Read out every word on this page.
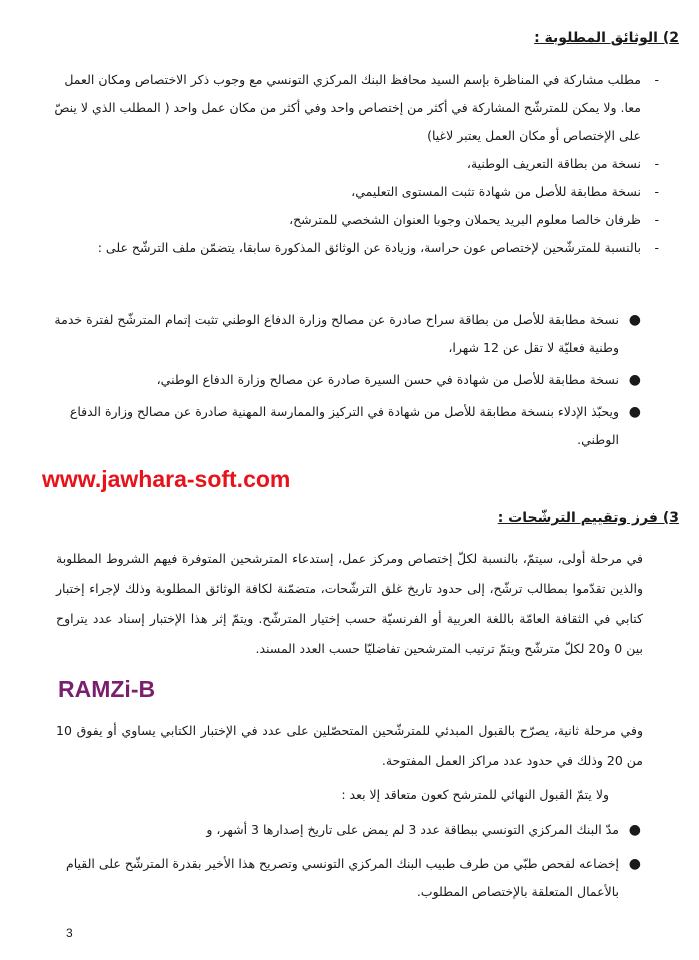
2) الوثائق المطلوبة :
-
مطلب مشاركة في المناظرة بإسم السيد محافظ البنك المركزي التونسي مع وجوب ذكر الاختصاص ومكان العمل معا. ولا يمكن للمترشّح المشاركة في أكثر من إختصاص واحد وفي أكثر من مكان عمل واحد ( المطلب الذي لا ينصّ على الإختصاص أو مكان العمل يعتبر لاغيا)
-
نسخة من بطاقة التعريف الوطنية،
-
نسخة مطابقة للأصل من شهادة تثبت المستوى التعليمي،
-
ظرفان خالصا معلوم البريد يحملان وجوبا العنوان الشخصي للمترشح،
-
بالنسبة للمترشّحين لإختصاص عون حراسة، وزيادة عن الوثائق المذكورة سابقا، يتضمّن ملف الترشّح على :
●
نسخة مطابقة للأصل من بطاقة سراح صادرة عن مصالح وزارة الدفاع الوطني تثبت إتمام المترشّح لفترة خدمة وطنية فعليّة لا تقل عن 12 شهرا،
●
نسخة مطابقة للأصل من شهادة في حسن السيرة صادرة عن مصالح وزارة الدفاع الوطني،
●
ويحبّذ الإدلاء بنسخة مطابقة للأصل من شهادة في التركيز والممارسة المهنية صادرة عن مصالح وزارة الدفاع الوطني.
www.jawhara-soft.com
3) فرز وتقييم الترشّحات :
في مرحلة أولى، سيتمّ، بالنسبة لكلّ إختصاص ومركز عمل، إستدعاء المترشحين المتوفرة فيهم الشروط المطلوبة والذين تقدّموا بمطالب ترشّح، إلى حدود تاريخ غلق الترشّحات، متضمّنة لكافة الوثائق المطلوبة وذلك لإجراء إختبار كتابي في الثقافة العامّة باللغة العربية أو الفرنسيّة حسب إختيار المترشّح. ويتمّ إثر هذا الإختبار إسناد عدد يتراوح بين 0 و20 لكلّ مترشّح ويتمّ ترتيب المترشحين تفاضليّا حسب العدد المسند.
RAMZi-B
وفي مرحلة ثانية، يصرّح بالقبول المبدئي للمترشّحين المتحصّلين على عدد في الإختبار الكتابي يساوي أو يفوق 10 من 20 وذلك في حدود عدد مراكز العمل المفتوحة.
ولا يتمّ القبول النهائي للمترشح كعون متعاقد إلا بعد :
●
مدّ البنك المركزي التونسي ببطاقة عدد 3 لم يمض على تاريخ إصدارها 3 أشهر، و
●
إخضاعه لفحص طبّي من طرف طبيب البنك المركزي التونسي وتصريح هذا الأخير بقدرة المترشّح على القيام بالأعمال المتعلقة بالإختصاص المطلوب.
3
